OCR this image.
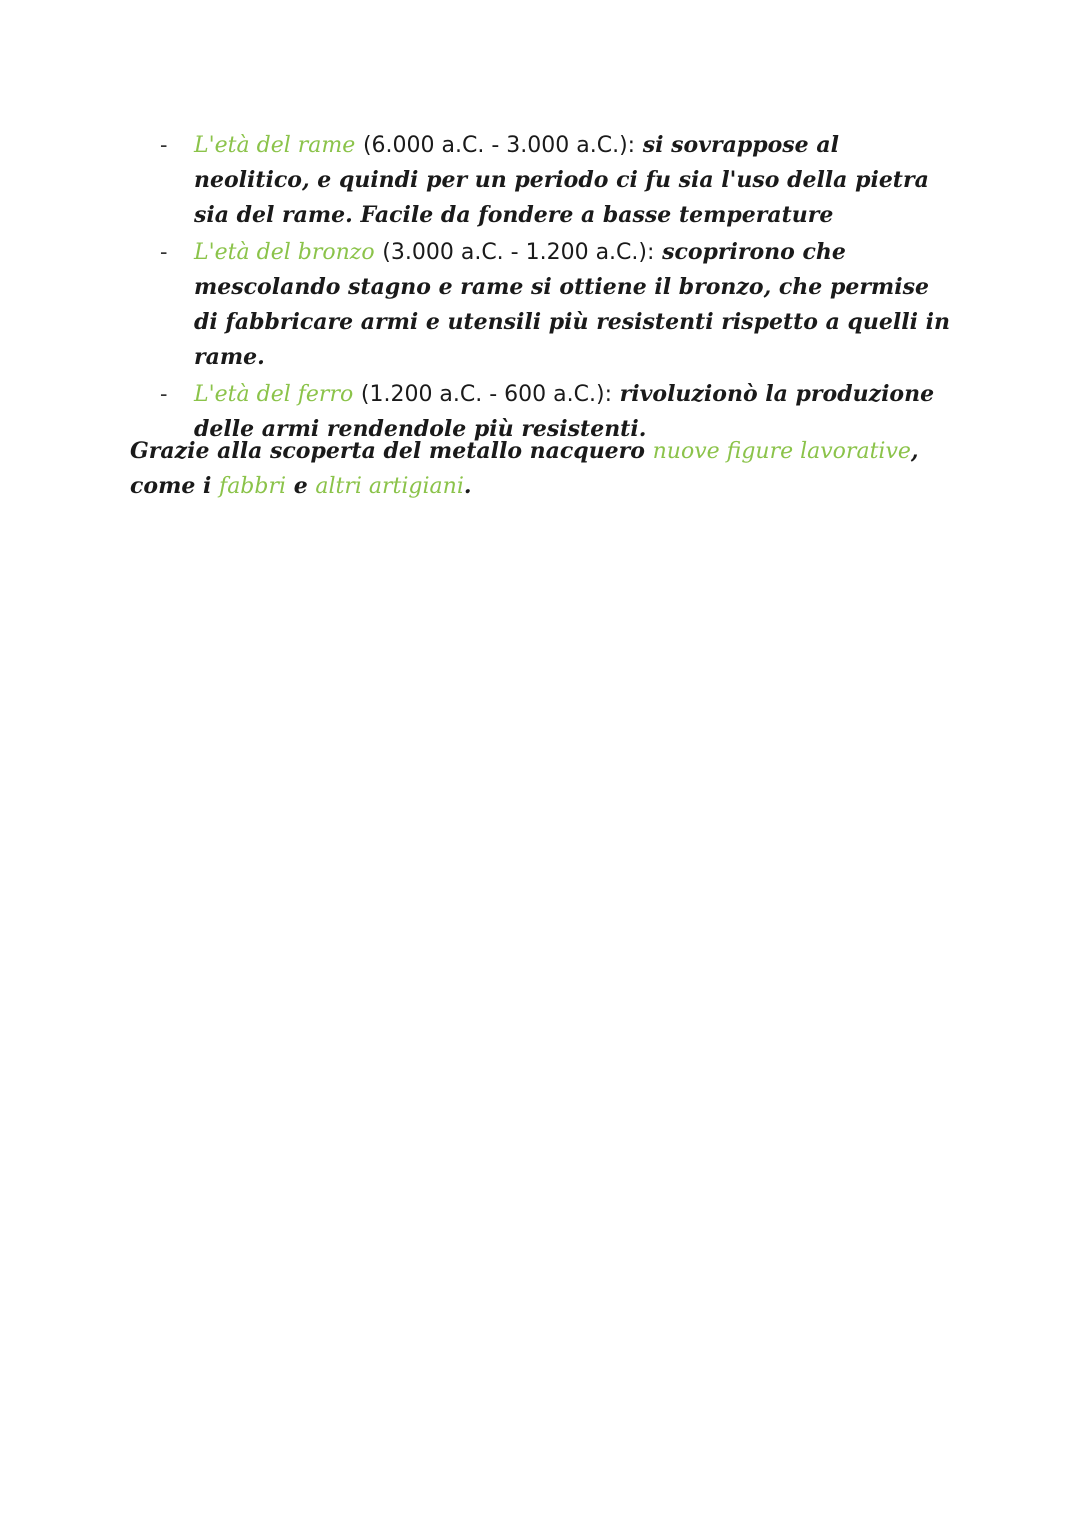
- L'età del rame (6.000 a.C. - 3.000 a.C.): si sovrappose al neolitico, e quindi per un periodo ci fu sia l'uso della pietra sia del rame. Facile da fondere a basse temperature
- L'età del bronzo (3.000 a.C. - 1.200 a.C.): scoprirono che mescolando stagno e rame si ottiene il bronzo, che permise di fabbricare armi e utensili più resistenti rispetto a quelli in rame.
- L'età del ferro (1.200 a.C. - 600 a.C.): rivoluzionò la produzione delle armi rendendole più resistenti.

Grazie alla scoperta del metallo nacquero nuove figure lavorative, come i fabbri e altri artigiani.
